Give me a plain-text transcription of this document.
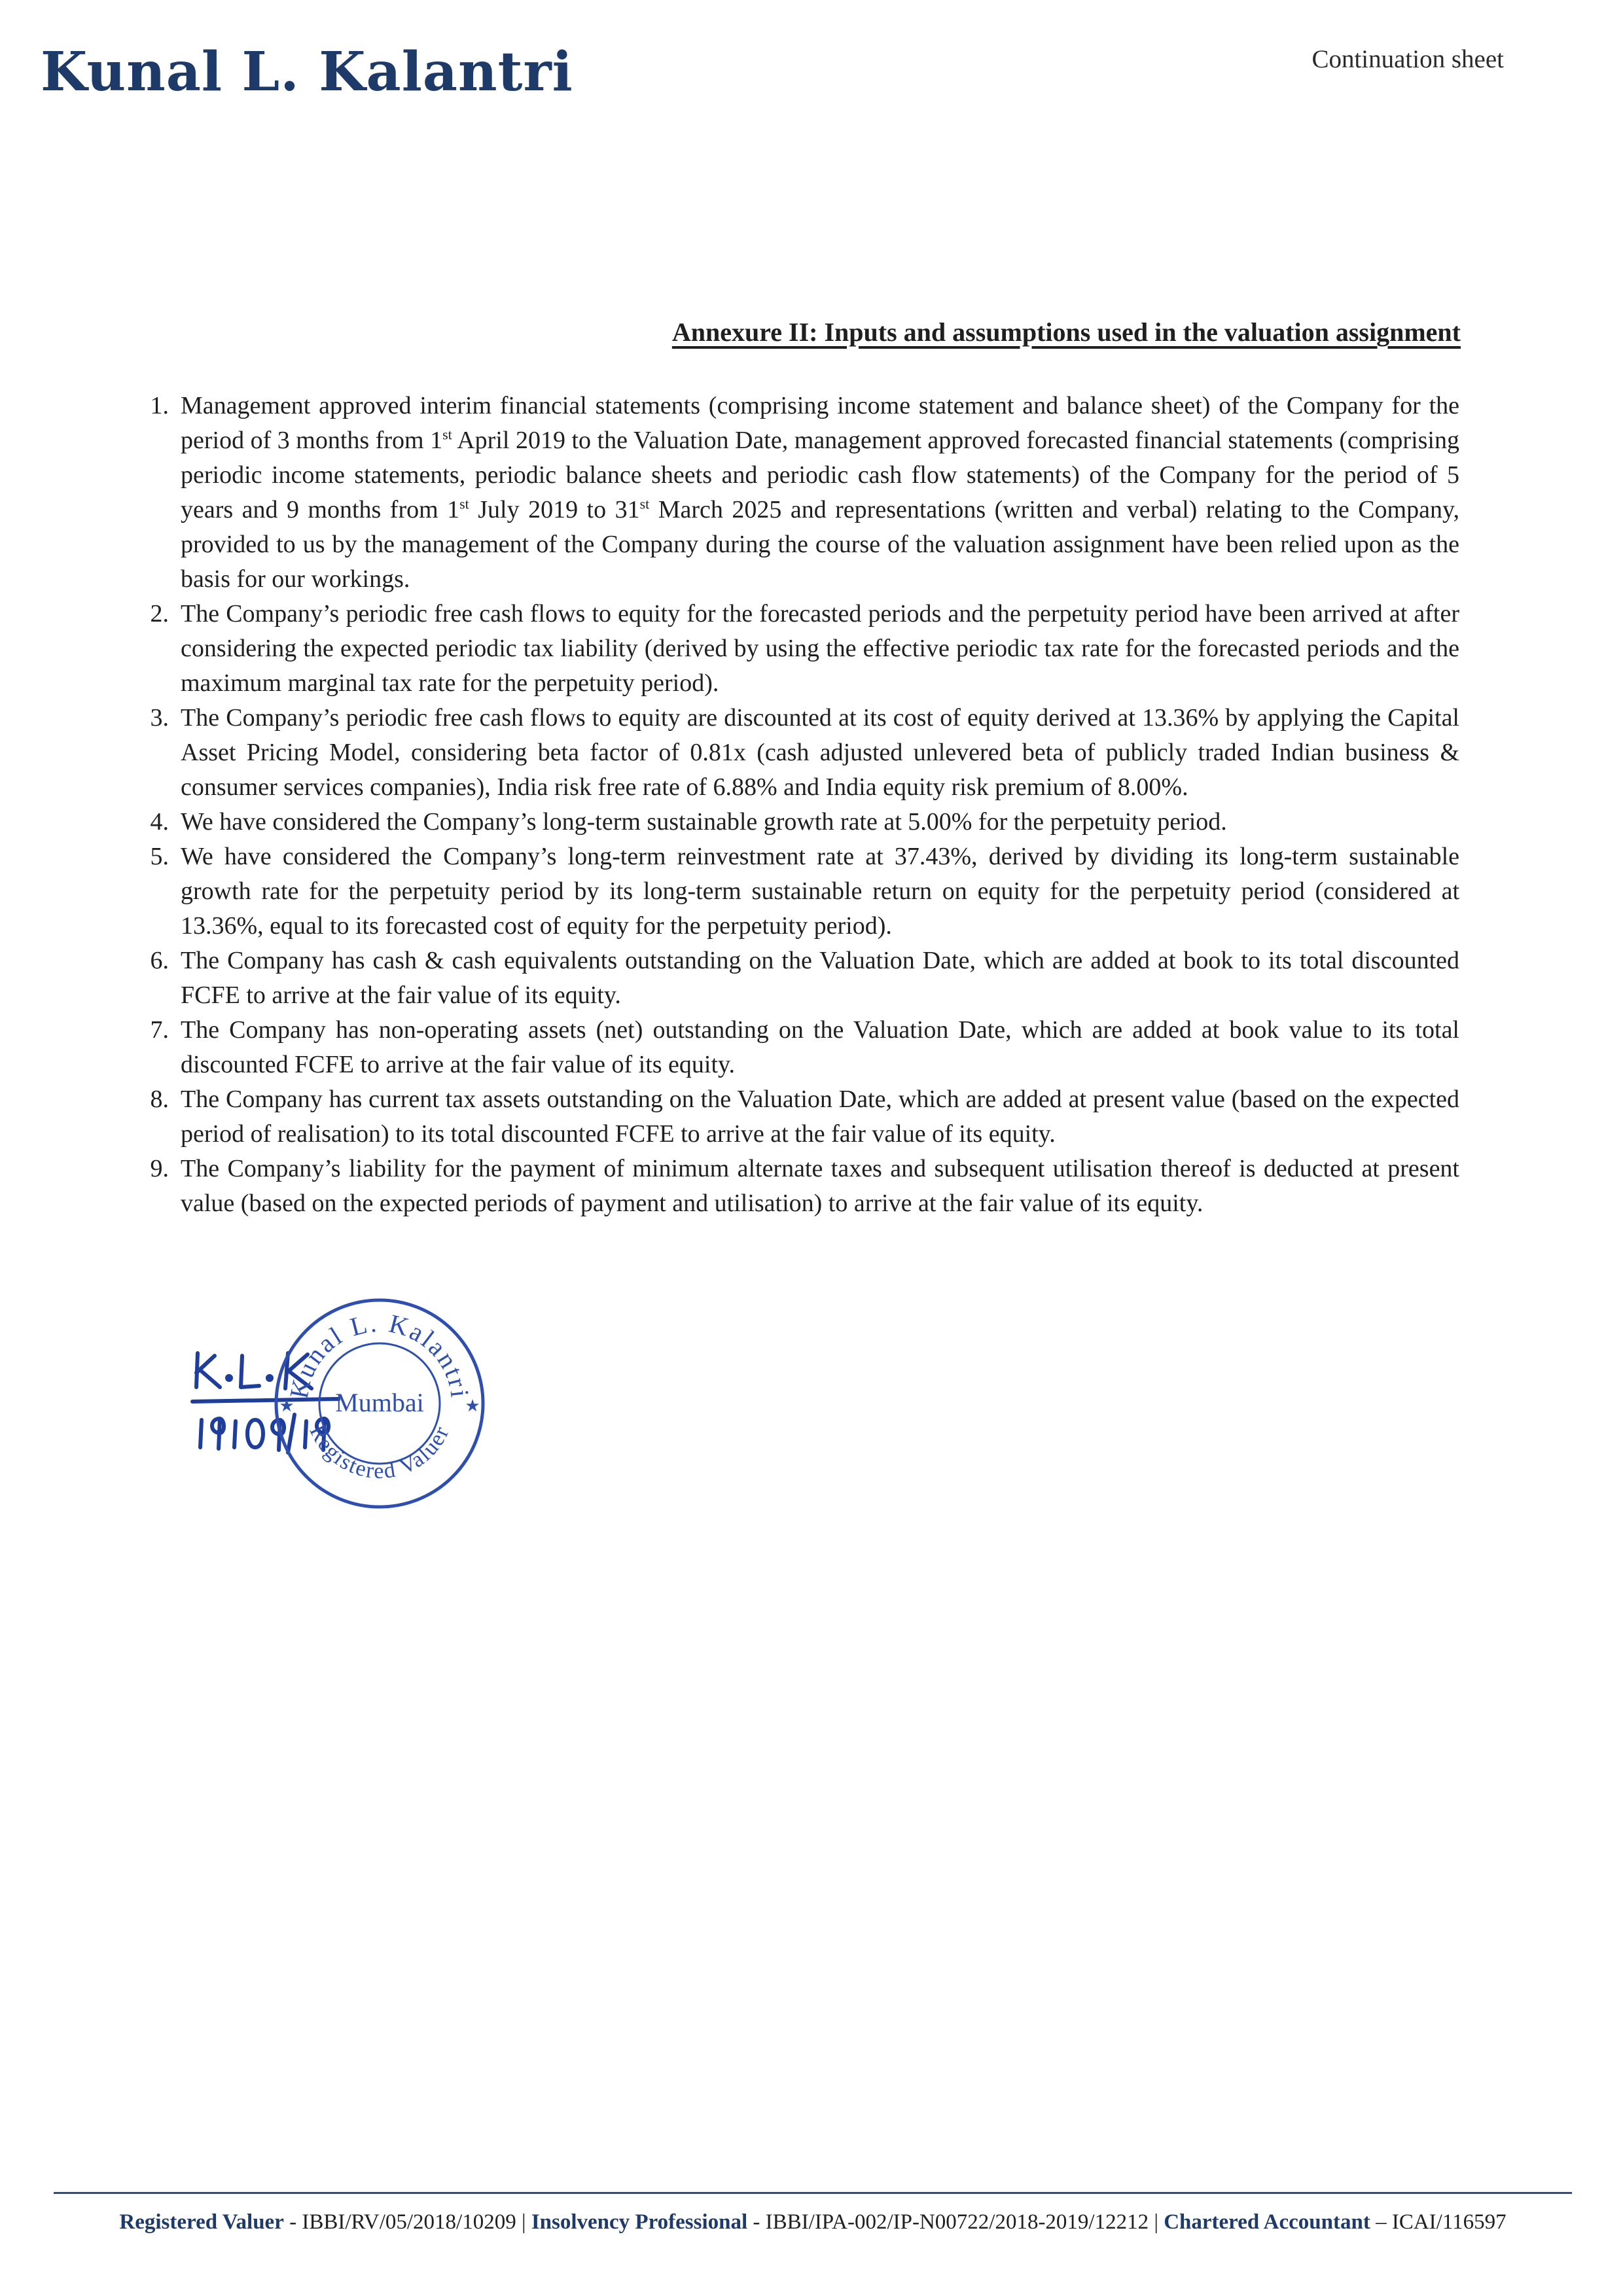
Kunal L. Kalantri	Continuation sheet
Annexure II: Inputs and assumptions used in the valuation assignment
1. Management approved interim financial statements (comprising income statement and balance sheet) of the Company for the period of 3 months from 1st April 2019 to the Valuation Date, management approved forecasted financial statements (comprising periodic income statements, periodic balance sheets and periodic cash flow statements) of the Company for the period of 5 years and 9 months from 1st July 2019 to 31st March 2025 and representations (written and verbal) relating to the Company, provided to us by the management of the Company during the course of the valuation assignment have been relied upon as the basis for our workings.
2. The Company’s periodic free cash flows to equity for the forecasted periods and the perpetuity period have been arrived at after considering the expected periodic tax liability (derived by using the effective periodic tax rate for the forecasted periods and the maximum marginal tax rate for the perpetuity period).
3. The Company’s periodic free cash flows to equity are discounted at its cost of equity derived at 13.36% by applying the Capital Asset Pricing Model, considering beta factor of 0.81x (cash adjusted unlevered beta of publicly traded Indian business & consumer services companies), India risk free rate of 6.88% and India equity risk premium of 8.00%.
4. We have considered the Company’s long-term sustainable growth rate at 5.00% for the perpetuity period.
5. We have considered the Company’s long-term reinvestment rate at 37.43%, derived by dividing its long-term sustainable growth rate for the perpetuity period by its long-term sustainable return on equity for the perpetuity period (considered at 13.36%, equal to its forecasted cost of equity for the perpetuity period).
6. The Company has cash & cash equivalents outstanding on the Valuation Date, which are added at book to its total discounted FCFE to arrive at the fair value of its equity.
7. The Company has non-operating assets (net) outstanding on the Valuation Date, which are added at book value to its total discounted FCFE to arrive at the fair value of its equity.
8. The Company has current tax assets outstanding on the Valuation Date, which are added at present value (based on the expected period of realisation) to its total discounted FCFE to arrive at the fair value of its equity.
9. The Company’s liability for the payment of minimum alternate taxes and subsequent utilisation thereof is deducted at present value (based on the expected periods of payment and utilisation) to arrive at the fair value of its equity.
Kunal L. Kalantri
Registered Valuer
Mumbai ★
★
Registered Valuer - IBBI/RV/05/2018/10209 | Insolvency Professional - IBBI/IPA-002/IP-N00722/2018-2019/12212 | Chartered Accountant – ICAI/116597
